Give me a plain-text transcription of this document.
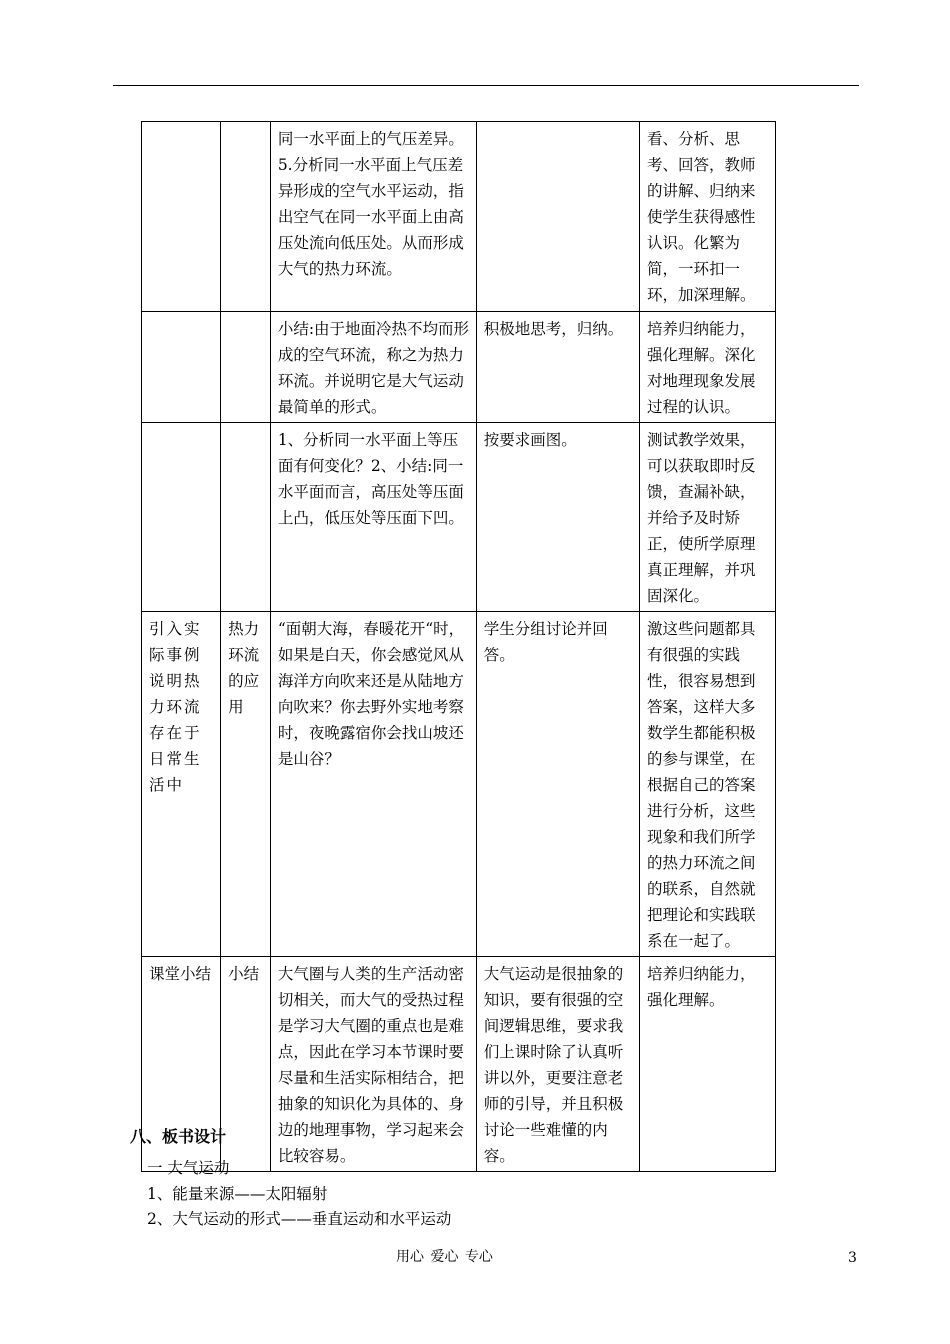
		同一水平面上的气压差异。5.分析同一水平面上气压差异形成的空气水平运动，指出空气在同一水平面上由高压处流向低压处。从而形成大气的热力环流。		看、分析、思考、回答，教师的讲解、归纳来使学生获得感性认识。化繁为简，一环扣一环，加深理解。
		小结:由于地面冷热不均而形成的空气环流，称之为热力环流。并说明它是大气运动最简单的形式。	积极地思考，归纳。	培养归纳能力，强化理解。深化对地理现象发展过程的认识。
		1、分析同一水平面上等压面有何变化？2、小结:同一水平面而言，高压处等压面上凸，低压处等压面下凹。	按要求画图。	测试教学效果，可以获取即时反馈，查漏补缺，并给予及时矫正，使所学原理真正理解，并巩固深化。
引入实际事例说明热力环流存在于日常生活中	热力环流的应用	“面朝大海，春暖花开“时，如果是白天，你会感觉风从海洋方向吹来还是从陆地方向吹来？你去野外实地考察时，夜晚露宿你会找山坡还是山谷？	学生分组讨论并回答。	激这些问题都具有很强的实践性，很容易想到答案，这样大多数学生都能积极的参与课堂，在根据自己的答案进行分析，这些现象和我们所学的热力环流之间的联系，自然就把理论和实践联系在一起了。
课堂小结	小结	大气圈与人类的生产活动密切相关，而大气的受热过程是学习大气圈的重点也是难点，因此在学习本节课时要尽量和生活实际相结合，把抽象的知识化为具体的、身边的地理事物，学习起来会比较容易。	大气运动是很抽象的知识，要有很强的空间逻辑思维，要求我们上课时除了认真听讲以外，更要注意老师的引导，并且积极讨论一些难懂的内容。	培养归纳能力，强化理解。
八、板书设计
一 大气运动
1、能量来源——太阳辐射
2、大气运动的形式——垂直运动和水平运动
用心 爱心 专心	3
